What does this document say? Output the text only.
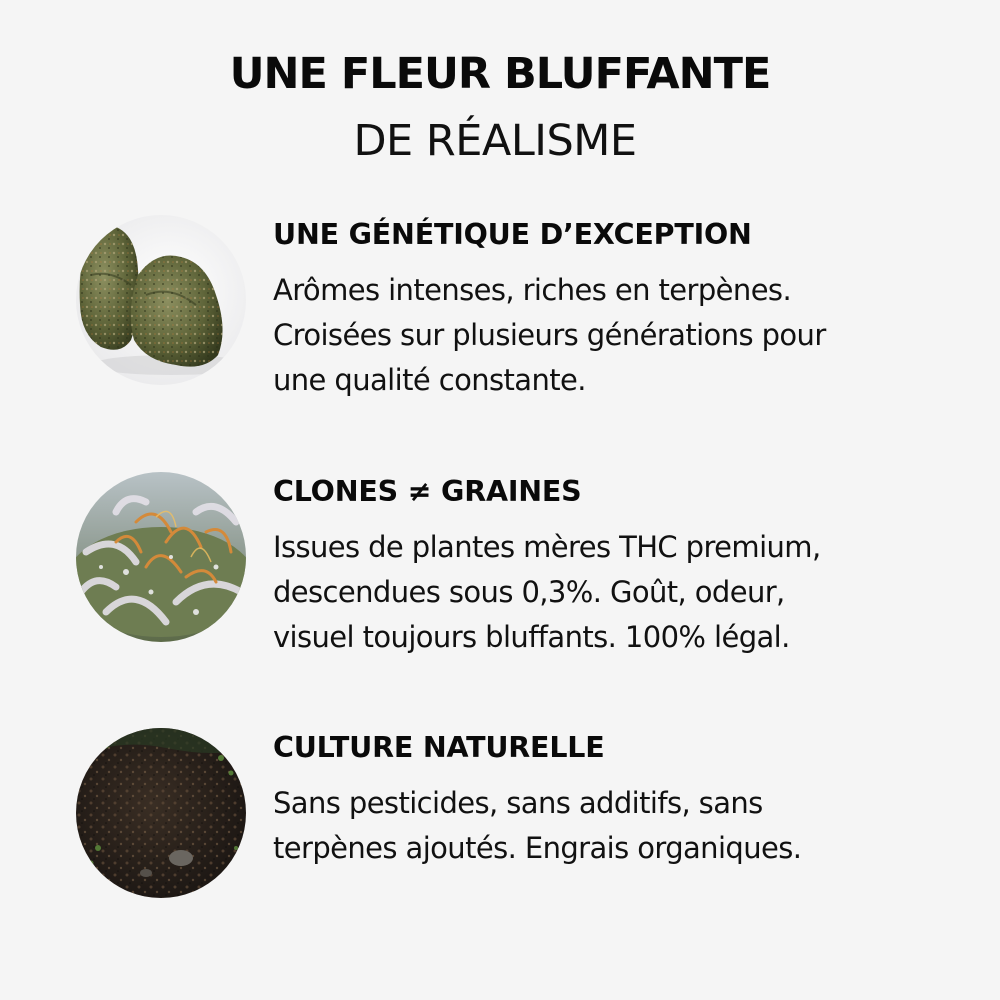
UNE FLEUR BLUFFANTE
DE RÉALISME
UNE GÉNÉTIQUE D’EXCEPTION
Arômes intenses, riches en terpènes.
Croisées sur plusieurs générations pour
une qualité constante.
CLONES ≠ GRAINES
Issues de plantes mères THC premium,
descendues sous 0,3%. Goût, odeur,
visuel toujours bluffants. 100% légal.
CULTURE NATURELLE
Sans pesticides, sans additifs, sans
terpènes ajoutés. Engrais organiques.
